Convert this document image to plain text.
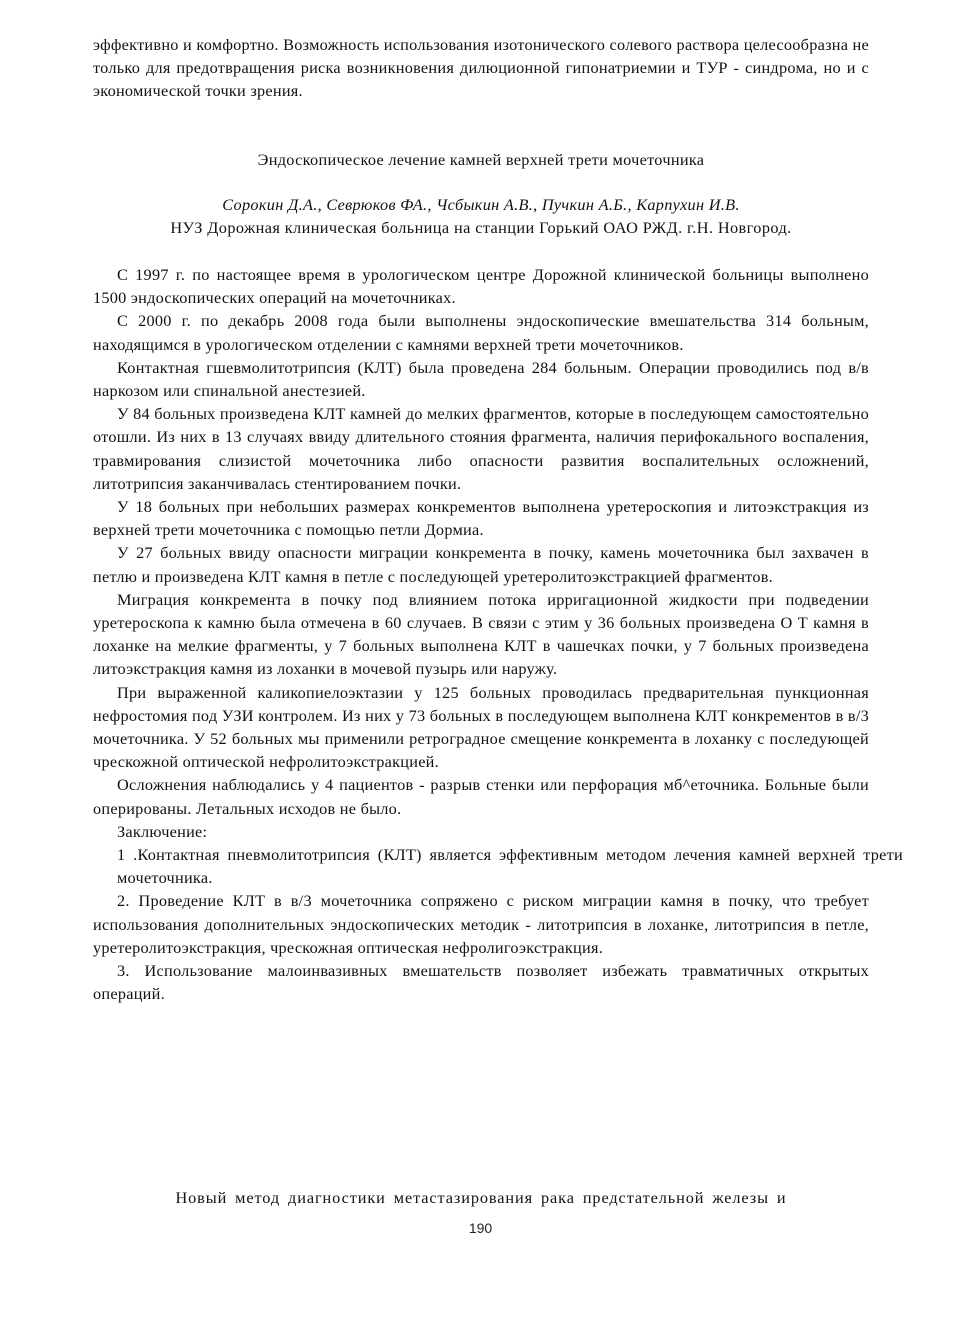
эффективно и комфортно. Возможность использования изотонического солевого раствора целесообразна не только для предотвращения риска возникновения дилюционной гипонатриемии и ТУР - синдрома, но и с экономической точки зрения.

Эндоскопическое лечение камней верхней трети мочеточника
Сорокин Д.А., Севрюков ФА., Чсбыкин А.В., Пучкин А.Б., Карпухин И.В.
НУЗ Дорожная клиническая больница на станции Горький ОАО РЖД. г.Н. Новгород.

С 1997 г. по настоящее время в урологическом центре Дорожной клинической больницы выполнено 1500 эндоскопических операций на мочеточниках.

С 2000 г. по декабрь 2008 года были выполнены эндоскопические вмешательства 314 больным, находящимся в урологическом отделении с камнями верхней трети мочеточников.

Контактная гшевмолитотрипсия (КЛТ) была проведена 284 больным. Операции проводились под в/в наркозом или спинальной анестезией.

У 84 больных произведена КЛТ камней до мелких фрагментов, которые в последующем самостоятельно отошли. Из них в 13 случаях ввиду длительного стояния фрагмента, наличия перифокального воспаления, травмирования слизистой мочеточника либо опасности развития воспалительных осложнений, литотрипсия заканчивалась стентированием почки.

У 18 больных при небольших размерах конкрементов выполнена уретероскопия и литоэкстракция из верхней трети мочеточника с помощью петли Дормиа.

У 27 больных ввиду опасности миграции конкремента в почку, камень мочеточника был захвачен в петлю и произведена КЛТ камня в петле с последующей уретеролитоэкстракцией фрагментов.

Миграция конкремента в почку под влиянием потока ирригационной жидкости при подведении уретероскопа к камню была отмечена в 60 случаев. В связи с этим у 36 больных произведена О Т камня в лоханке на мелкие фрагменты, у 7 больных выполнена КЛТ в чашечках почки, у 7 больных произведена литоэкстракция камня из лоханки в мочевой пузырь или наружу.

При выраженной каликопиелоэктазии у 125 больных проводилась предварительная пункционная нефростомия под УЗИ контролем. Из них у 73 больных в последующем выполнена КЛТ конкрементов в в/3 мочеточника. У 52 больных мы применили ретроградное смещение конкремента в лоханку с последующей чрескожной оптической нефролитоэкстракцией.

Осложнения наблюдались у 4 пациентов - разрыв стенки или перфорация мб^еточника. Больные были оперированы. Летальных исходов не было.

Заключение:

1 .Контактная пневмолитотрипсия (КЛТ) является эффективным методом лечения камней верхней трети мочеточника.

2. Проведение КЛТ в в/3 мочеточника сопряжено с риском миграции камня в почку, что требует использования дополнительных эндоскопических методик - литотрипсия в лоханке, литотрипсия в петле, уретеролитоэкстракция, чрескожная оптическая нефролигоэкстракция.

3. Использование малоинвазивных вмешательств позволяет избежать травматичных открытых операций.

Новый метод диагностики метастазирования рака предстательной железы и
190
